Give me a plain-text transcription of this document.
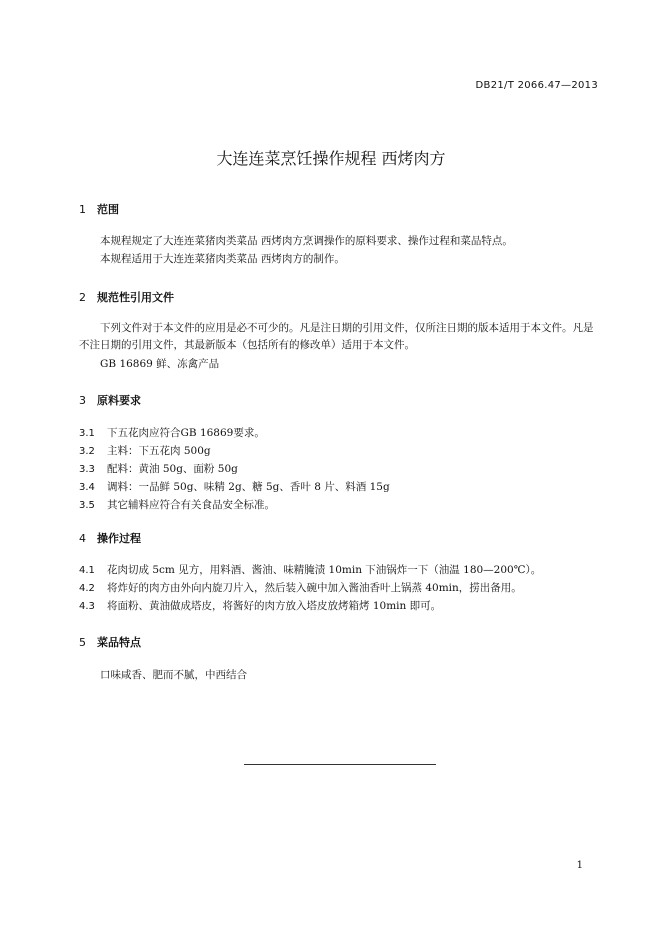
DB21/T 2066.47—2013
大连连菜烹饪操作规程 西烤肉方
1 范围
本规程规定了大连连菜猪肉类菜品 西烤肉方烹调操作的原料要求、操作过程和菜品特点。
本规程适用于大连连菜猪肉类菜品 西烤肉方的制作。
2 规范性引用文件
下列文件对于本文件的应用是必不可少的。凡是注日期的引用文件，仅所注日期的版本适用于本文件。凡是不注日期的引用文件，其最新版本（包括所有的修改单）适用于本文件。
GB 16869 鲜、冻禽产品
3 原料要求
3.1 下五花肉应符合GB 16869要求。
3.2 主料：下五花肉 500g
3.3 配料：黄油 50g、面粉 50g
3.4 调料：一品鲜 50g、味精 2g、糖 5g、香叶 8 片、料酒 15g
3.5 其它辅料应符合有关食品安全标准。
4 操作过程
4.1 花肉切成 5cm 见方，用料酒、酱油、味精腌渍 10min 下油锅炸一下（油温 180—200℃）。
4.2 将炸好的肉方由外向内旋刀片入，然后装入碗中加入酱油香叶上锅蒸 40min，捞出备用。
4.3 将面粉、黄油做成塔皮，将酱好的肉方放入塔皮放烤箱烤 10min 即可。
5 菜品特点
口味咸香、肥而不腻，中西结合
1
